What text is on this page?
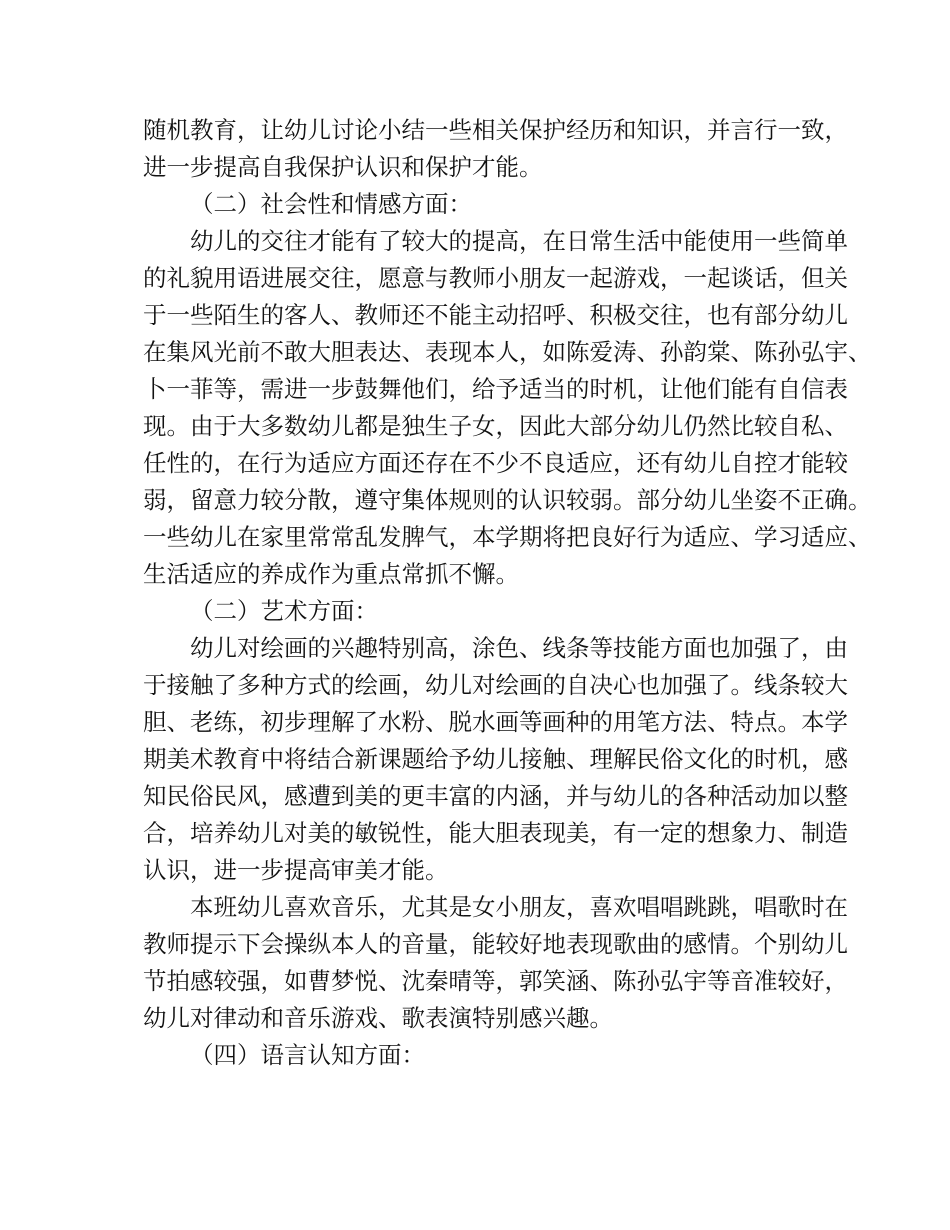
随机教育，让幼儿讨论小结一些相关保护经历和知识，并言行一致，
进一步提高自我保护认识和保护才能。
（二）社会性和情感方面：
幼儿的交往才能有了较大的提高，在日常生活中能使用一些简单
的礼貌用语进展交往，愿意与教师小朋友一起游戏，一起谈话，但关
于一些陌生的客人、教师还不能主动招呼、积极交往，也有部分幼儿
在集风光前不敢大胆表达、表现本人，如陈爱涛、孙韵棠、陈孙弘宇、
卜一菲等，需进一步鼓舞他们，给予适当的时机，让他们能有自信表
现。由于大多数幼儿都是独生子女，因此大部分幼儿仍然比较自私、
任性的，在行为适应方面还存在不少不良适应，还有幼儿自控才能较
弱，留意力较分散，遵守集体规则的认识较弱。部分幼儿坐姿不正确。
一些幼儿在家里常常乱发脾气，本学期将把良好行为适应、学习适应、
生活适应的养成作为重点常抓不懈。
（二）艺术方面：
幼儿对绘画的兴趣特别高，涂色、线条等技能方面也加强了，由
于接触了多种方式的绘画，幼儿对绘画的自决心也加强了。线条较大
胆、老练，初步理解了水粉、脱水画等画种的用笔方法、特点。本学
期美术教育中将结合新课题给予幼儿接触、理解民俗文化的时机，感
知民俗民风，感遭到美的更丰富的内涵，并与幼儿的各种活动加以整
合，培养幼儿对美的敏锐性，能大胆表现美，有一定的想象力、制造
认识，进一步提高审美才能。
本班幼儿喜欢音乐，尤其是女小朋友，喜欢唱唱跳跳，唱歌时在
教师提示下会操纵本人的音量，能较好地表现歌曲的感情。个别幼儿
节拍感较强，如曹梦悦、沈秦晴等，郭笑涵、陈孙弘宇等音准较好，
幼儿对律动和音乐游戏、歌表演特别感兴趣。
（四）语言认知方面：
